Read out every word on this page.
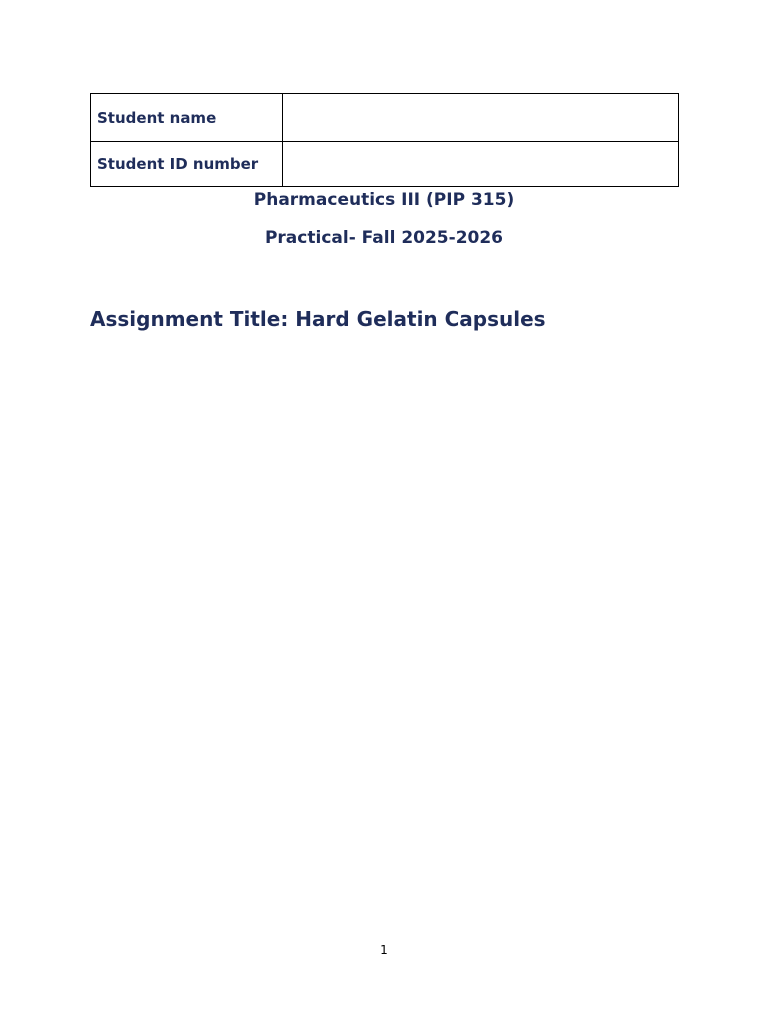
Student name	
Student ID number	

Pharmaceutics III (PIP 315)

Practical- Fall 2025-2026

Assignment Title: Hard Gelatin Capsules
1
